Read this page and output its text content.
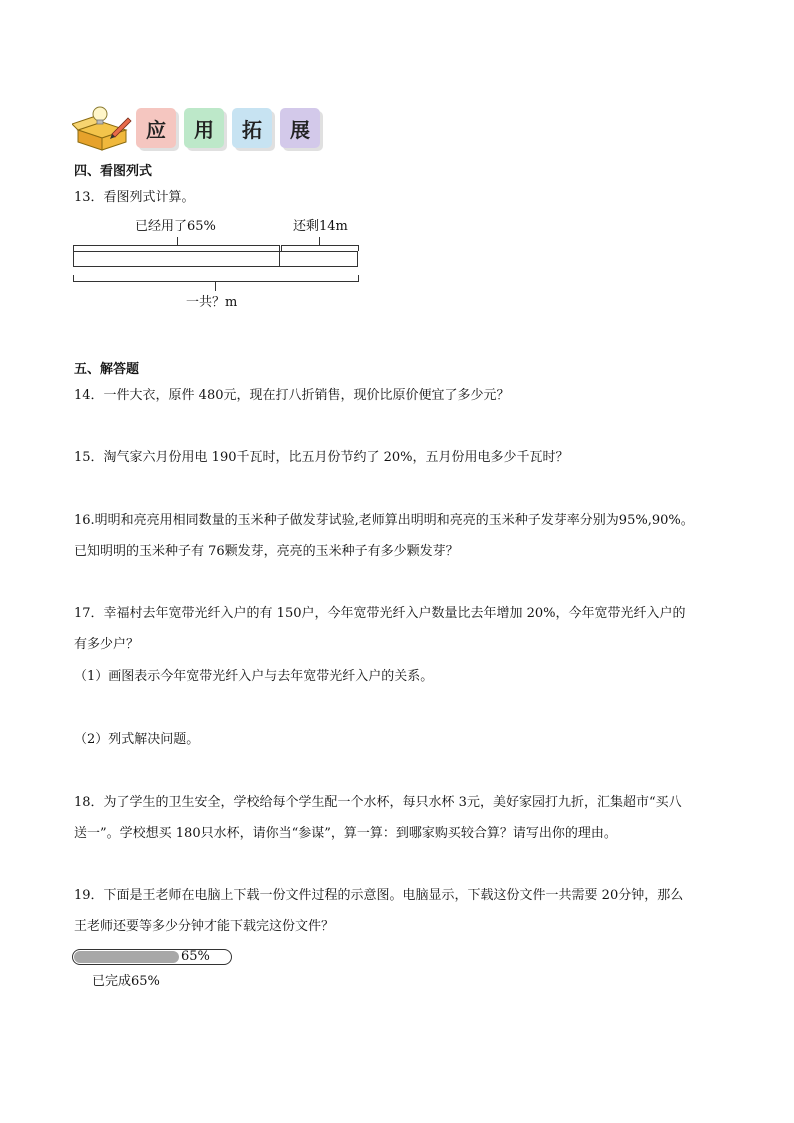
应 用 拓 展
四、看图列式
13．看图列式计算。
已经用了65%	还剩14m
一共？m
五、解答题
14．一件大衣，原件 480元，现在打八折销售，现价比原价便宜了多少元？
15．淘气家六月份用电 190千瓦时，比五月份节约了 20%，五月份用电多少千瓦时？
16.明明和亮亮用相同数量的玉米种子做发芽试验,老师算出明明和亮亮的玉米种子发芽率分别为95%,90%。
已知明明的玉米种子有 76颗发芽，亮亮的玉米种子有多少颗发芽？
17．幸福村去年宽带光纤入户的有 150户，今年宽带光纤入户数量比去年增加 20%，今年宽带光纤入户的
有多少户？
（1）画图表示今年宽带光纤入户与去年宽带光纤入户的关系。
（2）列式解决问题。
18．为了学生的卫生安全，学校给每个学生配一个水杯，每只水杯 3元，美好家园打九折，汇集超市“买八
送一”。学校想买 180只水杯，请你当“参谋”，算一算：到哪家购买较合算？请写出你的理由。
19．下面是王老师在电脑上下载一份文件过程的示意图。电脑显示，下载这份文件一共需要 20分钟，那么
王老师还要等多少分钟才能下载完这份文件？
65%
已完成65%
